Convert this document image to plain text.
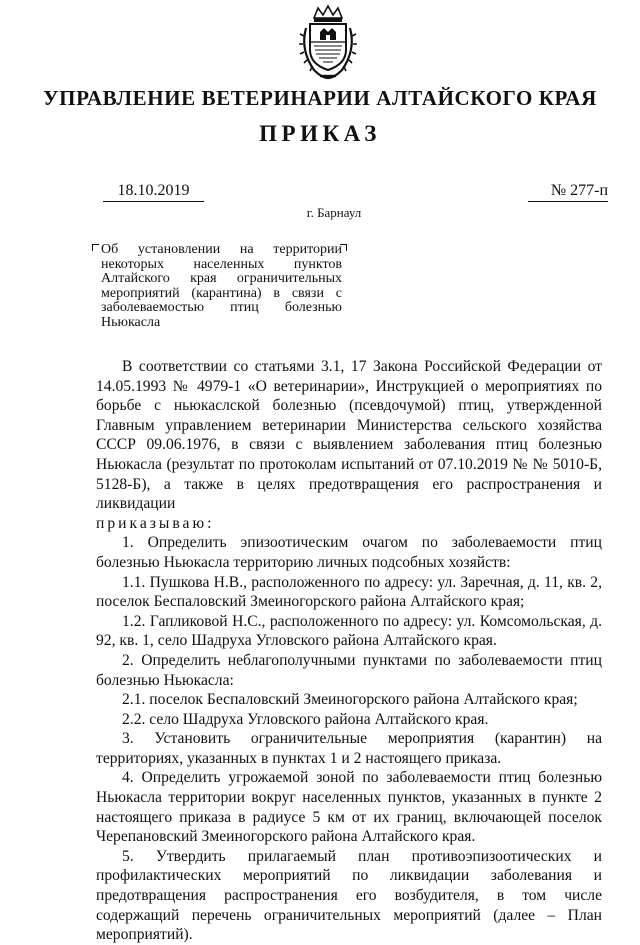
УПРАВЛЕНИЕ ВЕТЕРИНАРИИ АЛТАЙСКОГО КРАЯ
ПРИКАЗ
18.10.2019	№ 277-п
г. Барнаул
Об установлении на территории некоторых населенных пунктов Алтайского края ограничительных мероприятий (карантина) в связи с заболеваемостью птиц болезнью Ньюкасла

В соответствии со статьями 3.1, 17 Закона Российской Федерации от 14.05.1993 № 4979-1 «О ветеринарии», Инструкцией о мероприятиях по борьбе с ньюкаслской болезнью (псевдочумой) птиц, утвержденной Главным управлением ветеринарии Министерства сельского хозяйства СССР 09.06.1976, в связи с выявлением заболевания птиц болезнью Ньюкасла (результат по протоколам испытаний от 07.10.2019 № № 5010-Б, 5128-Б), а также в целях предотвращения его распространения и ликвидации

приказываю:

1. Определить эпизоотическим очагом по заболеваемости птиц болезнью Ньюкасла территорию личных подсобных хозяйств:

1.1. Пушкова Н.В., расположенного по адресу: ул. Заречная, д. 11, кв. 2, поселок Беспаловский Змеиногорского района Алтайского края;

1.2. Гапликовой Н.С., расположенного по адресу: ул. Комсомольская, д. 92, кв. 1, село Шадруха Угловского района Алтайского края.

2. Определить неблагополучными пунктами по заболеваемости птиц болезнью Ньюкасла:

2.1. поселок Беспаловский Змеиногорского района Алтайского края;

2.2. село Шадруха Угловского района Алтайского края.

3. Установить ограничительные мероприятия (карантин) на территориях, указанных в пунктах 1 и 2 настоящего приказа.

4. Определить угрожаемой зоной по заболеваемости птиц болезнью Ньюкасла территории вокруг населенных пунктов, указанных в пункте 2 настоящего приказа в радиусе 5 км от их границ, включающей поселок Черепановский Змеиногорского района Алтайского края.

5. Утвердить прилагаемый план противоэпизоотических и профилактических мероприятий по ликвидации заболевания и предотвращения распространения его возбудителя, в том числе содержащий перечень ограничительных мероприятий (далее – План мероприятий).
